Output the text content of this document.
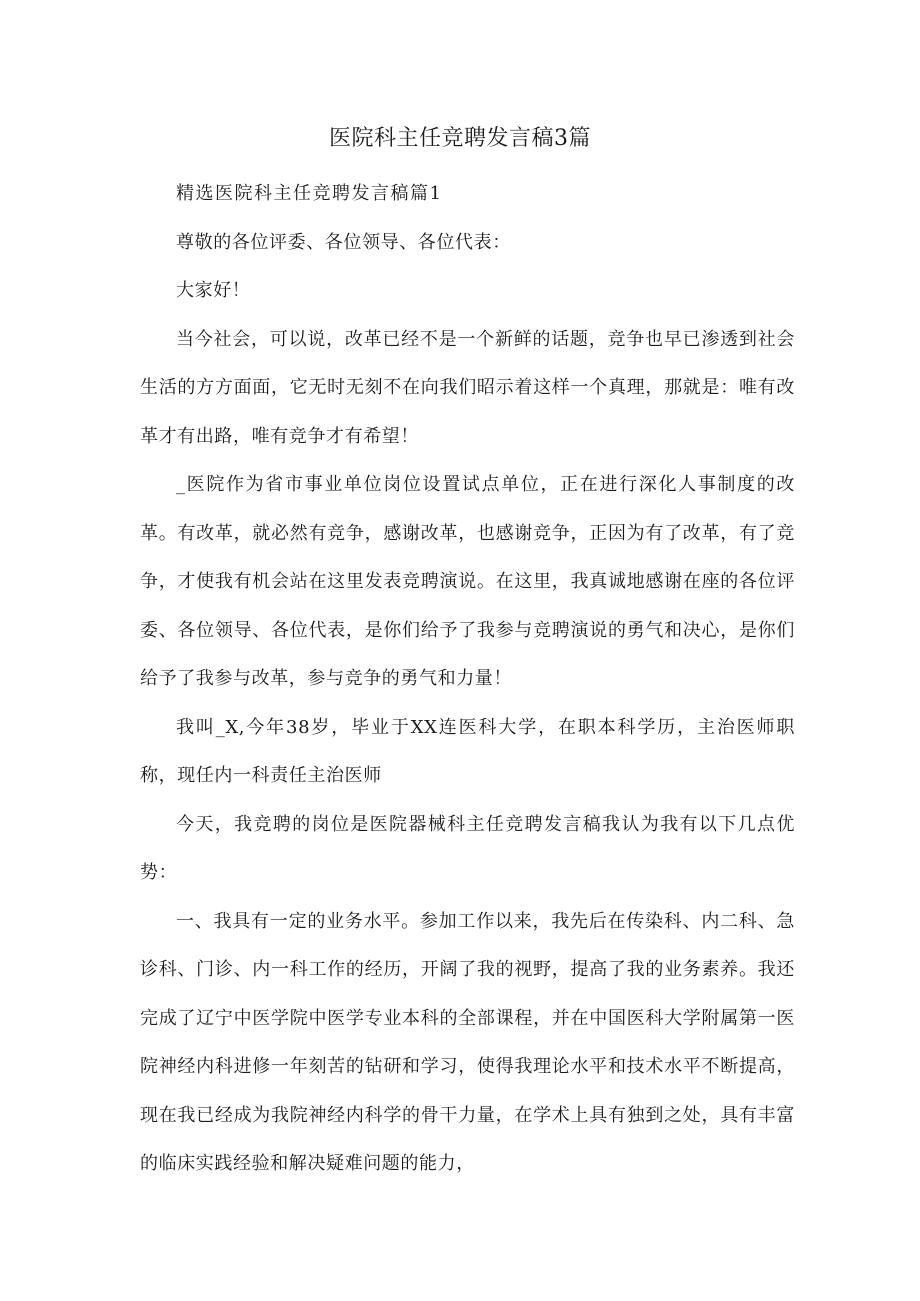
医院科主任竞聘发言稿3篇

精选医院科主任竞聘发言稿篇1

尊敬的各位评委、各位领导、各位代表：

大家好！

当今社会，可以说，改革已经不是一个新鲜的话题，竞争也早已渗透到社会生活的方方面面，它无时无刻不在向我们昭示着这样一个真理，那就是：唯有改革才有出路，唯有竞争才有希望！

_医院作为省市事业单位岗位设置试点单位，正在进行深化人事制度的改革。有改革，就必然有竞争，感谢改革，也感谢竞争，正因为有了改革，有了竞争，才使我有机会站在这里发表竞聘演说。在这里，我真诚地感谢在座的各位评委、各位领导、各位代表，是你们给予了我参与竞聘演说的勇气和决心，是你们给予了我参与改革，参与竞争的勇气和力量！

我叫_X,今年38岁，毕业于XX连医科大学，在职本科学历，主治医师职称，现任内一科责任主治医师

今天，我竞聘的岗位是医院器械科主任竞聘发言稿我认为我有以下几点优势：

一、我具有一定的业务水平。参加工作以来，我先后在传染科、内二科、急诊科、门诊、内一科工作的经历，开阔了我的视野，提高了我的业务素养。我还完成了辽宁中医学院中医学专业本科的全部课程，并在中国医科大学附属第一医院神经内科进修一年刻苦的钻研和学习，使得我理论水平和技术水平不断提高，现在我已经成为我院神经内科学的骨干力量，在学术上具有独到之处，具有丰富的临床实践经验和解决疑难问题的能力，
